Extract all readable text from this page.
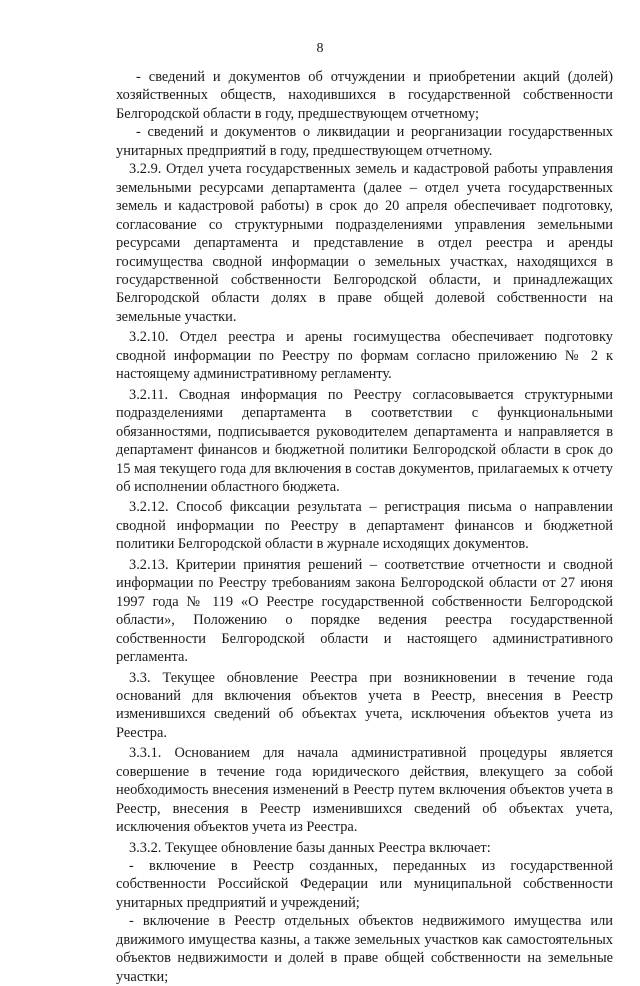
8

- сведений и документов об отчуждении и приобретении акций (долей) хозяйственных обществ, находившихся в государственной собственности Белгородской области в году, предшествующем отчетному;

- сведений и документов о ликвидации и реорганизации государственных унитарных предприятий в году, предшествующем отчетному.

3.2.9. Отдел учета государственных земель и кадастровой работы управления земельными ресурсами департамента (далее – отдел учета государственных земель и кадастровой работы) в срок до 20 апреля обеспечивает подготовку, согласование со структурными подразделениями управления земельными ресурсами департамента и представление в отдел реестра и аренды госимущества сводной информации о земельных участках, находящихся в государственной собственности Белгородской области, и принадлежащих Белгородской области долях в праве общей долевой собственности на земельные участки.

3.2.10. Отдел реестра и арены госимущества обеспечивает подготовку сводной информации по Реестру по формам согласно приложению № 2 к настоящему административному регламенту.

3.2.11. Сводная информация по Реестру согласовывается структурными подразделениями департамента в соответствии с функциональными обязанностями, подписывается руководителем департамента и направляется в департамент финансов и бюджетной политики Белгородской области в срок до 15 мая текущего года для включения в состав документов, прилагаемых к отчету об исполнении областного бюджета.

3.2.12. Способ фиксации результата – регистрация письма о направлении сводной информации по Реестру в департамент финансов и бюджетной политики Белгородской области в журнале исходящих документов.

3.2.13. Критерии принятия решений – соответствие отчетности и сводной информации по Реестру требованиям закона Белгородской области от 27 июня 1997 года № 119 «О Реестре государственной собственности Белгородской области», Положению о порядке ведения реестра государственной собственности Белгородской области и настоящего административного регламента.

3.3. Текущее обновление Реестра при возникновении в течение года оснований для включения объектов учета в Реестр, внесения в Реестр изменившихся сведений об объектах учета, исключения объектов учета из Реестра.

3.3.1. Основанием для начала административной процедуры является совершение в течение года юридического действия, влекущего за собой необходимость внесения изменений в Реестр путем включения объектов учета в Реестр, внесения в Реестр изменившихся сведений об объектах учета, исключения объектов учета из Реестра.

3.3.2. Текущее обновление базы данных Реестра включает:

- включение в Реестр созданных, переданных из государственной собственности Российской Федерации или муниципальной собственности унитарных предприятий и учреждений;

- включение в Реестр отдельных объектов недвижимого имущества или движимого имущества казны, а также земельных участков как самостоятельных объектов недвижимости и долей в праве общей собственности на земельные участки;
